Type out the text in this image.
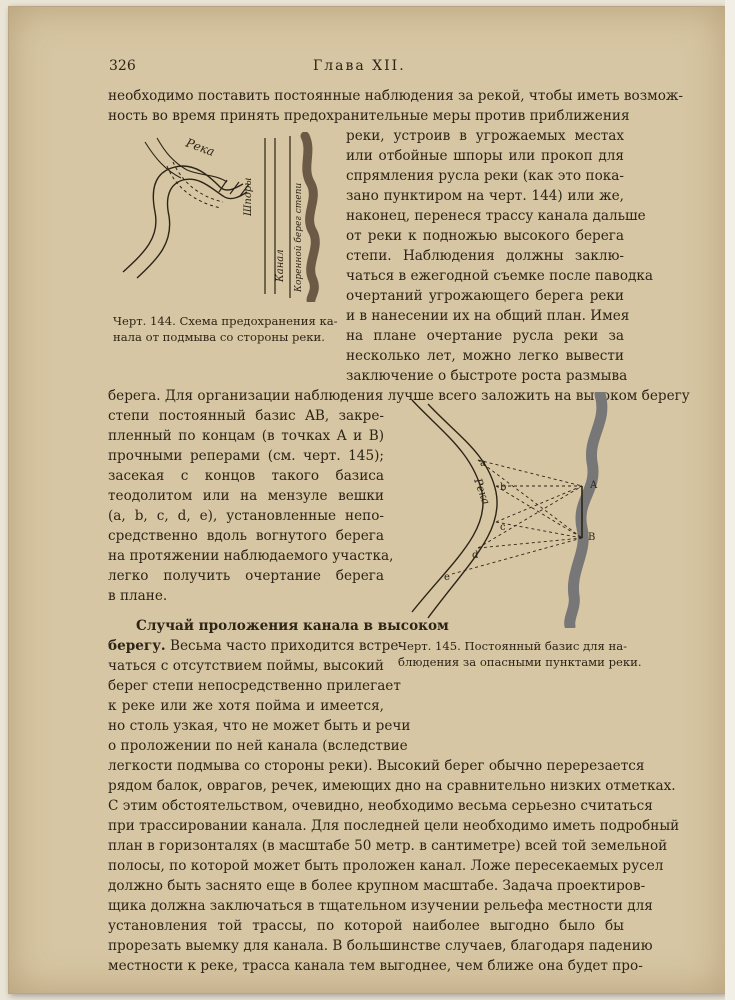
326	Глава XII.
необходимо поставить постоянные наблюдения за рекой, чтобы иметь возмож-
ность во время принять предохранительные меры против приближения
реки, устроив в угрожаемых местах
или отбойные шпоры или прокоп для
спрямления русла реки (как это пока-
зано пунктиром на черт. 144) или же,
наконец, перенеся трассу канала дальше
от реки к подножью высокого берега
степи. Наблюдения должны заклю-
чаться в ежегодной съемке после паводка
очертаний угрожающего берега реки
и в нанесении их на общий план. Имея
на плане очертание русла реки за
несколько лет, можно легко вывести
заключение о быстроте роста размыва
Река
Шпоры
Канал Коренной берег степи
Черт. 144. Схема предохранения ка-
нала от подмыва со стороны реки.
берега. Для организации наблюдения лучше всего заложить на высоком берегу
степи постоянный базис AB, закре-
пленный по концам (в точках A и B)
прочными реперами (см. черт. 145);
засекая с концов такого базиса
теодолитом или на мензуле вешки
(a, b, c, d, e), установленные непо-
средственно вдоль вогнутого берега
на протяжении наблюдаемого участка,
легко получить очертание берега
в плане.
Случай проложения канала в высоком
берегу. Весьма часто приходится встре-
чаться с отсутствием поймы, высокий
берег степи непосредственно прилегает
к реке или же хотя поймa и имеется,
но столь узкая, что не может быть и речи
о проложении по ней канала (вследствие
Река
a
b
c
d
e
A
B
Черт. 145. Постоянный базис для на-
блюдения за опасными пунктами реки.
легкости подмыва со стороны реки). Высокий берег обычно перерезается
рядом балок, оврагов, речек, имеющих дно на сравнительно низких отметках.
С этим обстоятельством, очевидно, необходимо весьма серьезно считаться
при трассировании канала. Для последней цели необходимо иметь подробный
план в горизонталях (в масштабе 50 метр. в сантиметре) всей той земельной
полосы, по которой может быть проложен канал. Ложе пересекаемых русел
должно быть заснято еще в более крупном масштабе. Задача проектиров-
щика должна заключаться в тщательном изучении рельефа местности для
установления той трассы, по которой наиболее выгодно было бы
прорезать выемку для канала. В большинстве случаев, благодаря падению
местности к реке, трасса канала тем выгоднее, чем ближе она будет про-
